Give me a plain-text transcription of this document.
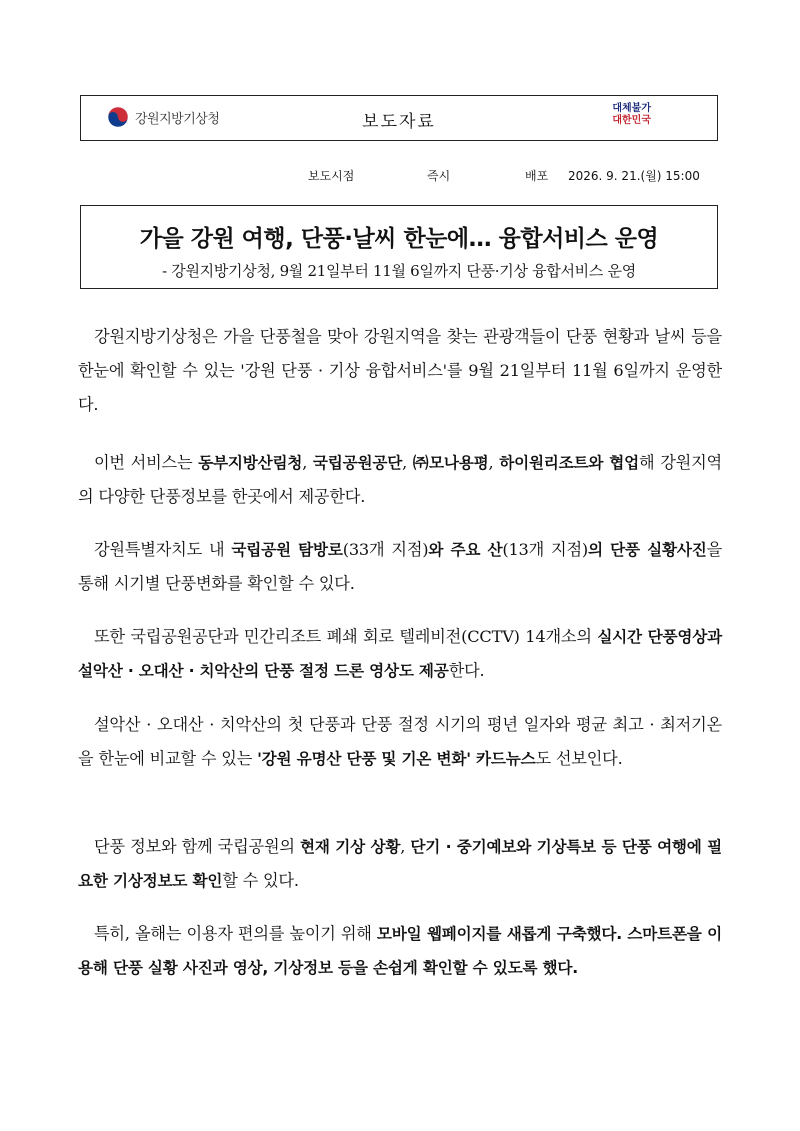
강원지방기상청	보도자료
대체불가
대한민국
보도시점	즉시	배포 2026. 9. 21.(월) 15:00
가을 강원 여행, 단풍·날씨 한눈에… 융합서비스 운영
- 강원지방기상청, 9월 21일부터 11월 6일까지 단풍·기상 융합서비스 운영
강원지방기상청은 가을 단풍철을 맞아 강원지역을 찾는 관광객들이 단풍 현황과 날씨 등을 한눈에 확인할 수 있는 '강원 단풍 · 기상 융합서비스'를 9월 21일부터 11월 6일까지 운영한다.
이번 서비스는 동부지방산림청, 국립공원공단, ㈜모나용평, 하이원리조트와 협업해 강원지역의 다양한 단풍정보를 한곳에서 제공한다.
강원특별자치도 내 국립공원 탐방로(33개 지점)와 주요 산(13개 지점)의 단풍 실황사진을 통해 시기별 단풍변화를 확인할 수 있다.
또한 국립공원공단과 민간리조트 폐쇄 회로 텔레비전(CCTV) 14개소의 실시간 단풍영상과 설악산 · 오대산 · 치악산의 단풍 절정 드론 영상도 제공한다.
설악산 · 오대산 · 치악산의 첫 단풍과 단풍 절정 시기의 평년 일자와 평균 최고 · 최저기온을 한눈에 비교할 수 있는 '강원 유명산 단풍 및 기온 변화' 카드뉴스도 선보인다.
단풍 정보와 함께 국립공원의 현재 기상 상황, 단기 · 중기예보와 기상특보 등 단풍 여행에 필요한 기상정보도 확인할 수 있다.
특히, 올해는 이용자 편의를 높이기 위해 모바일 웹페이지를 새롭게 구축했다. 스마트폰을 이용해 단풍 실황 사진과 영상, 기상정보 등을 손쉽게 확인할 수 있도록 했다.
